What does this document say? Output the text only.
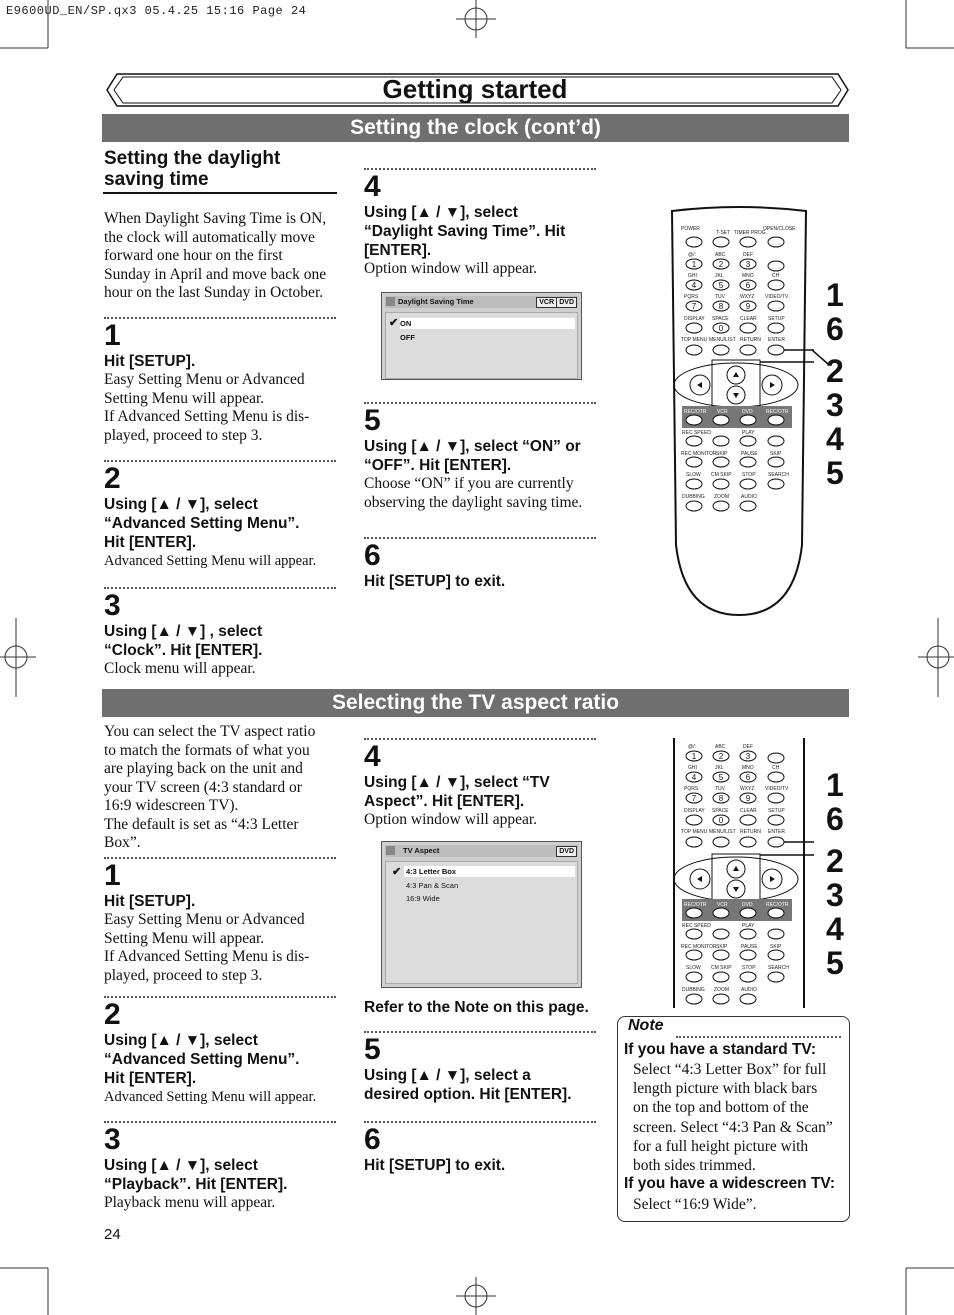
E9600UD_EN/SP.qx3 05.4.25 15:16 Page 24
Getting started
Setting the clock (cont’d)
Setting the daylight
saving time
When Daylight Saving Time is ON,
the clock will automatically move
forward one hour on the first
Sunday in April and move back one
hour on the last Sunday in October.
1
Hit [SETUP].
Easy Setting Menu or Advanced
Setting Menu will appear.
If Advanced Setting Menu is dis-
played, proceed to step 3.
2
Using [▲ / ▼], select
“Advanced Setting Menu”.
Hit [ENTER].
Advanced Setting Menu will appear.
3
Using [▲ / ▼] , select
“Clock”. Hit [ENTER].
Clock menu will appear.
4
Using [▲ / ▼], select
“Daylight Saving Time”. Hit
[ENTER].
Option window will appear.
Daylight Saving Time	VCR DVD
✔ ON
OFF
5
Using [▲ / ▼], select “ON” or
“OFF”. Hit [ENTER].
Choose “ON” if you are currently
observing the daylight saving time.
6
Hit [SETUP] to exit.
POWER
T-SET TIMER PROG.
OPEN/CLOSE
@/:	ABC	DEF
1	2	3
4	5	6
7	8	9
0
GHI	JKL	MNO	CH
PQRS	TUV	WXYZ VIDEO/TV
DISPLAY SPACE CLEAR SETUP
TOP MENU MENU/LIST RETURN ENTER
REC/OTR VCR	DVD	REC/OTR
REC SPEED	PLAY
REC MONITOR SKIP	PAUSE SKIP
SLOW CM SKIP STOP SEARCH
DUBBING ZOOM AUDIO
1
6
2
3
4
5
Selecting the TV aspect ratio
You can select the TV aspect ratio
to match the formats of what you
are playing back on the unit and
your TV screen (4:3 standard or
16:9 widescreen TV).
The default is set as “4:3 Letter
Box”.
1
Hit [SETUP].
Easy Setting Menu or Advanced
Setting Menu will appear.
If Advanced Setting Menu is dis-
played, proceed to step 3.
2
Using [▲ / ▼], select
“Advanced Setting Menu”.
Hit [ENTER].
Advanced Setting Menu will appear.
3
Using [▲ / ▼], select
“Playback”. Hit [ENTER].
Playback menu will appear.
4
Using [▲ / ▼], select “TV
Aspect”. Hit [ENTER].
Option window will appear.
TV Aspect	DVD
✔ 4:3 Letter Box
4:3 Pan & Scan
16:9 Wide
Refer to the Note on this page.
5
Using [▲ / ▼], select a
desired option. Hit [ENTER].
6
Hit [SETUP] to exit.
@/:	ABC	DEF
1	2	3
4	5	6
7	8	9
0
GHI	JKL	MNO	CH
PQRS	TUV	WXYZ VIDEO/TV
DISPLAY SPACE CLEAR SETUP
TOP MENU MENU/LIST RETURN ENTER
REC/OTR VCR	DVD	REC/OTR
REC SPEED	PLAY
REC MONITOR SKIP	PAUSE SKIP
SLOW CM SKIP STOP SEARCH
DUBBING ZOOM AUDIO
1
6
2
3
4
5
Note
If you have a standard TV:
Select “4:3 Letter Box” for full
length picture with black bars
on the top and bottom of the
screen. Select “4:3 Pan & Scan”
for a full height picture with
both sides trimmed.
If you have a widescreen TV:
Select “16:9 Wide”.
24
